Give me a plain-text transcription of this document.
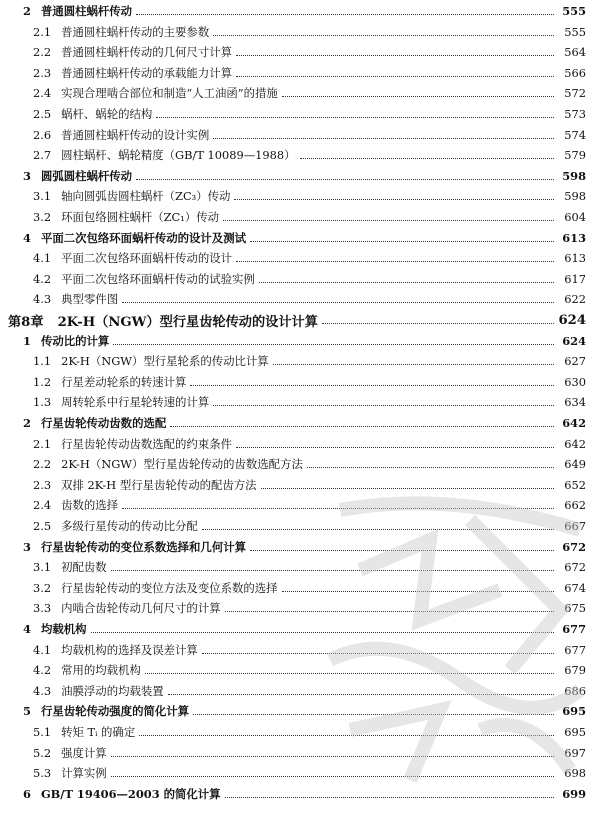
2 普通圆柱蜗杆传动	555
2.1 普通圆柱蜗杆传动的主要参数	555
2.2 普通圆柱蜗杆传动的几何尺寸计算	564
2.3 普通圆柱蜗杆传动的承载能力计算	566
2.4 实现合理啮合部位和制造“人工油函”的措施	572
2.5 蜗杆、蜗轮的结构	573
2.6 普通圆柱蜗杆传动的设计实例	574
2.7 圆柱蜗杆、蜗轮精度（GB/T 10089—1988）	579
3 圆弧圆柱蜗杆传动	598
3.1 轴向圆弧齿圆柱蜗杆（ZC₃）传动	598
3.2 环面包络圆柱蜗杆（ZC₁）传动	604
4 平面二次包络环面蜗杆传动的设计及测试	613
4.1 平面二次包络环面蜗杆传动的设计	613
4.2 平面二次包络环面蜗杆传动的试验实例	617
4.3 典型零件图	622
第8章 2K-H（NGW）型行星齿轮传动的设计计算	624
1 传动比的计算	624
1.1 2K-H（NGW）型行星轮系的传动比计算	627
1.2 行星差动轮系的转速计算	630
1.3 周转轮系中行星轮转速的计算	634
2 行星齿轮传动齿数的选配	642
2.1 行星齿轮传动齿数选配的约束条件	642
2.2 2K-H（NGW）型行星齿轮传动的齿数选配方法	649
2.3 双排 2K-H 型行星齿轮传动的配齿方法	652
2.4 齿数的选择	662
2.5 多级行星传动的传动比分配	667
3 行星齿轮传动的变位系数选择和几何计算	672
3.1 初配齿数	672
3.2 行星齿轮传动的变位方法及变位系数的选择	674
3.3 内啮合齿轮传动几何尺寸的计算	675
4 均载机构	677
4.1 均载机构的选择及误差计算	677
4.2 常用的均载机构	679
4.3 油膜浮动的均载装置	686
5 行星齿轮传动强度的简化计算	695
5.1 转矩 Tᵢ 的确定	695
5.2 强度计算	697
5.3 计算实例	698
6 GB/T 19406—2003 的简化计算	699
